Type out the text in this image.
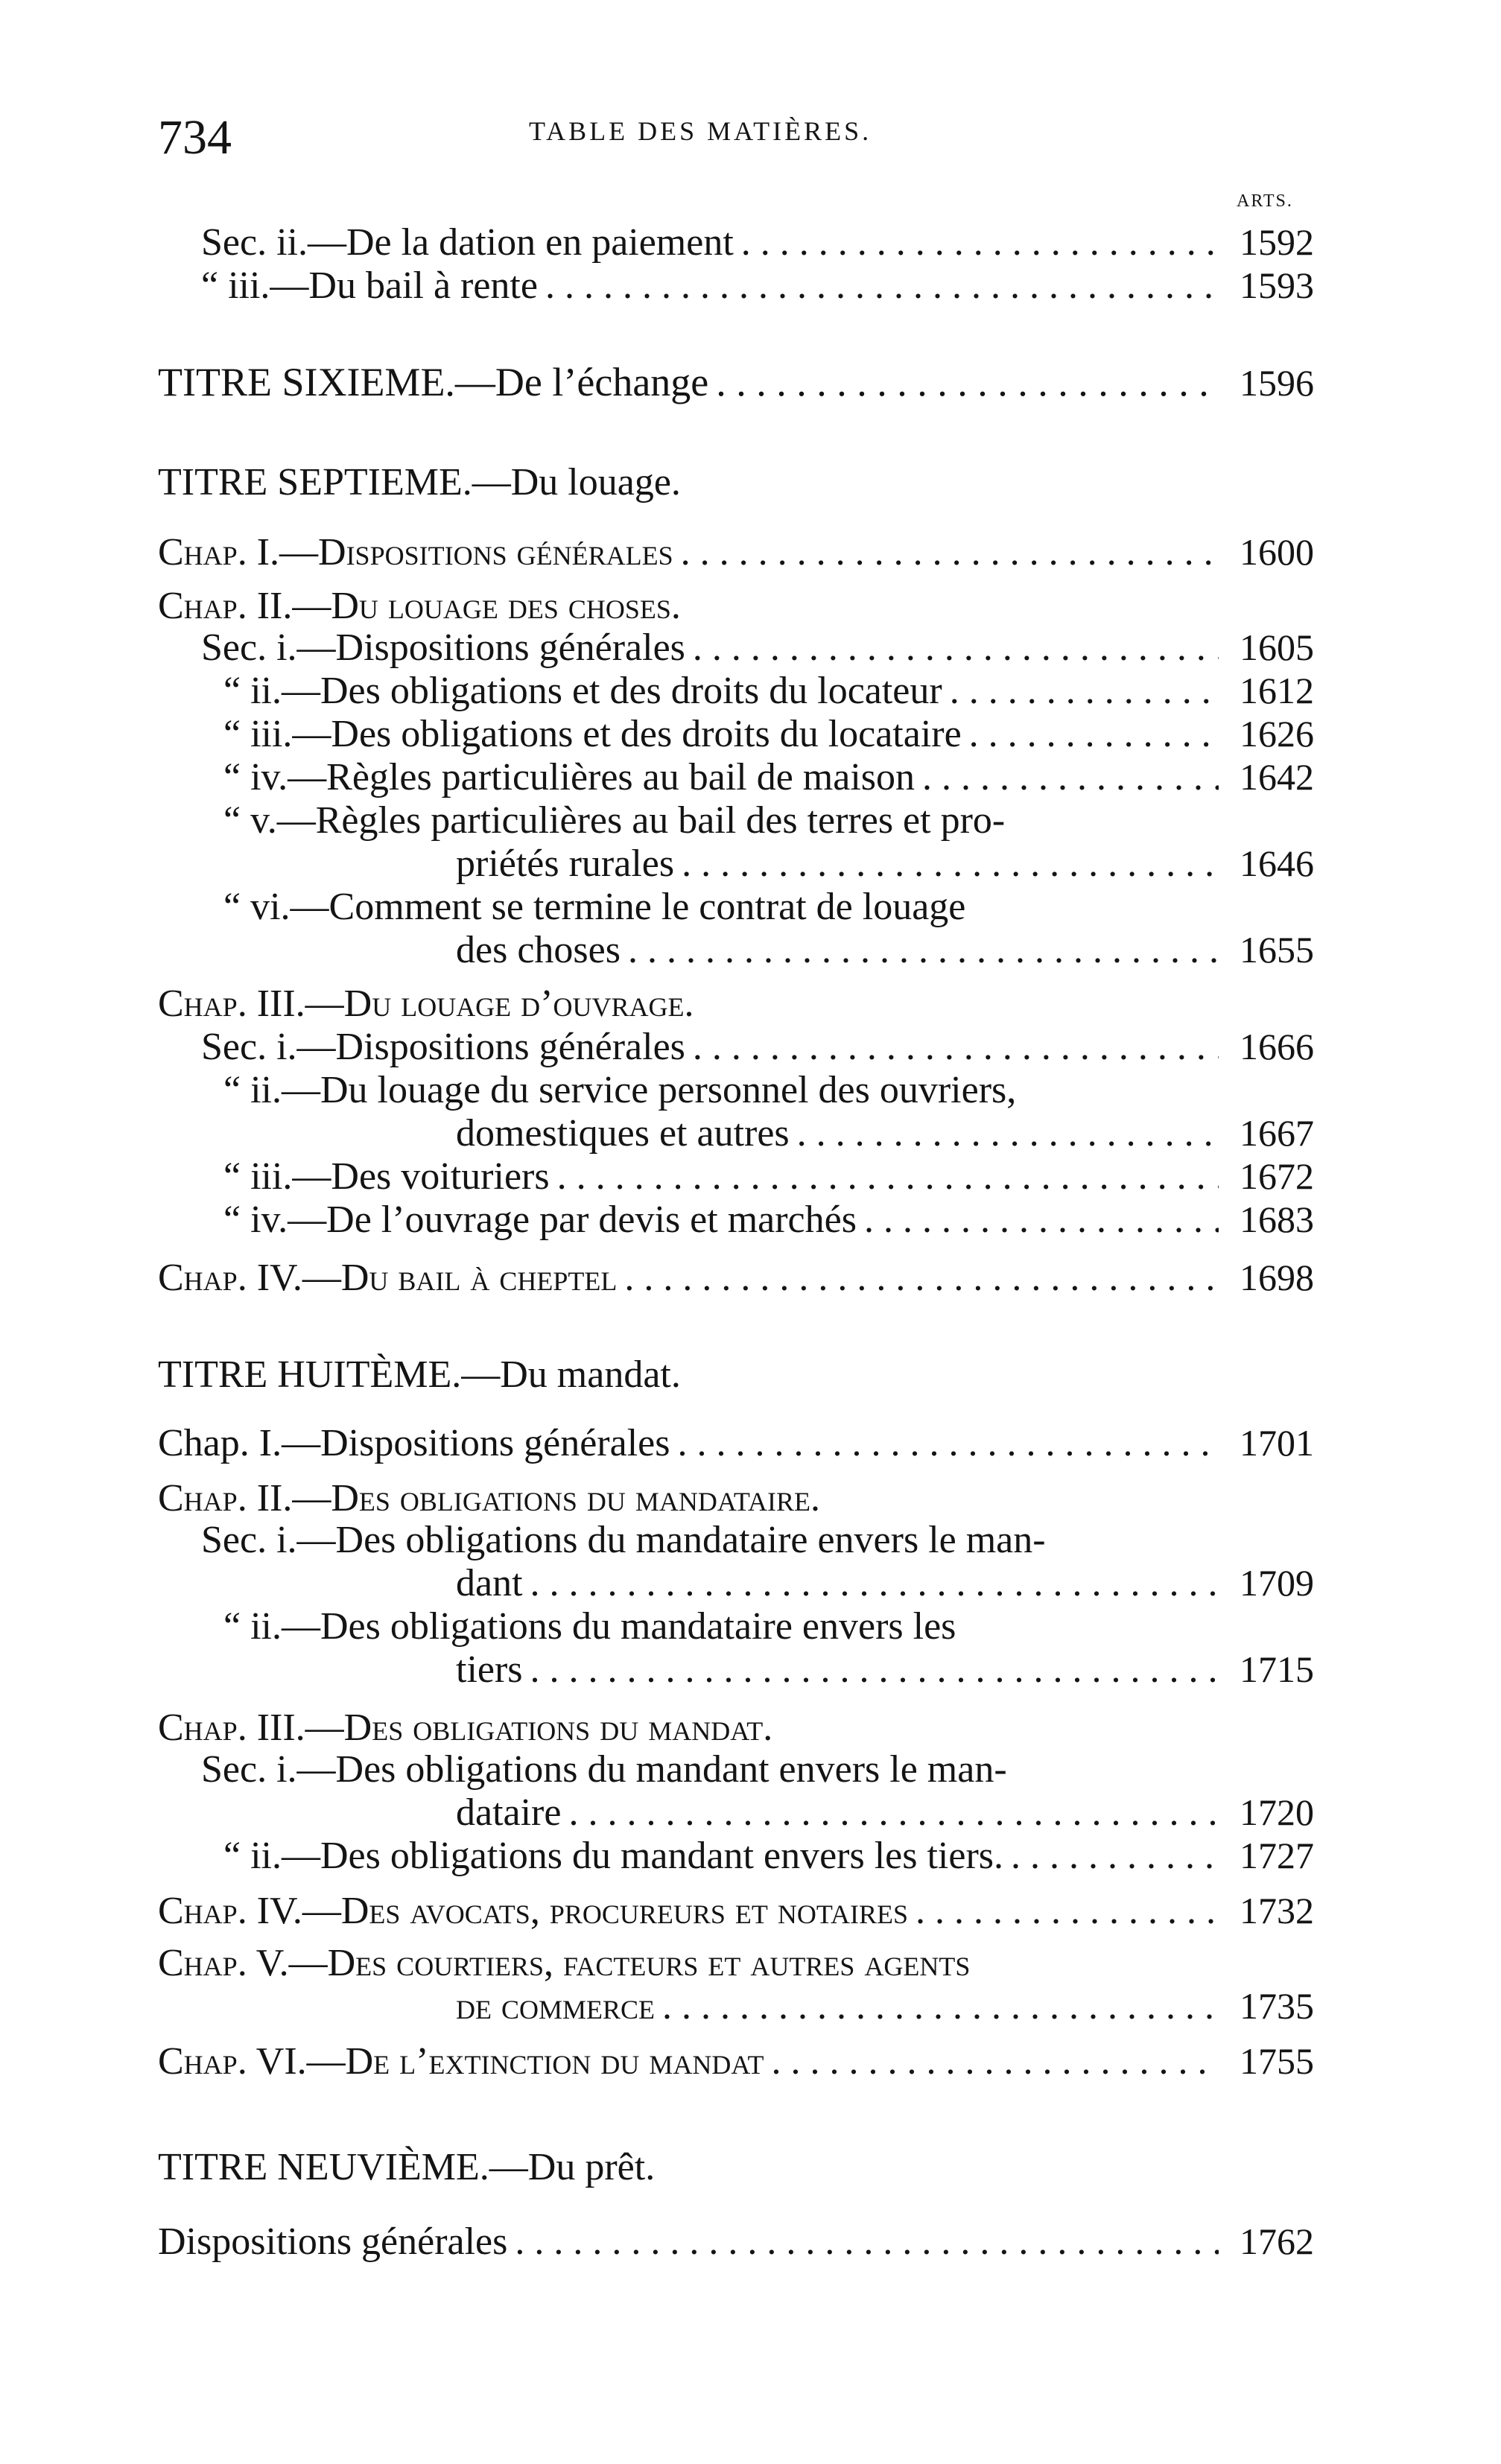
734	TABLE DES MATIÈRES.
ARTS.
Sec. ii.—De la dation en paiement . . .	1592
“ iii.—Du bail à rente . . .	1593
TITRE SIXIEME.—De l’échange . . .	1596
TITRE SEPTIEME.—Du louage.
Chap. I.—Dispositions générales . . .	1600
Chap. II.—Du louage des choses.
Sec. i.—Dispositions générales . . .	1605
“ ii.—Des obligations et des droits du locateur . . .	1612
“ iii.—Des obligations et des droits du locataire . . .	1626
“ iv.—Règles particulières au bail de maison . . .	1642
“ v.—Règles particulières au bail des terres et pro-
priétés rurales . . .	1646
“ vi.—Comment se termine le contrat de louage
des choses . . .	1655
Chap. III.—Du louage d’ouvrage.
Sec. i.—Dispositions générales . . .	1666
“ ii.—Du louage du service personnel des ouvriers,
domestiques et autres . . .	1667
“ iii.—Des voituriers . . .	1672
“ iv.—De l’ouvrage par devis et marchés . . .	1683
Chap. IV.—Du bail à cheptel . . .	1698
TITRE HUITÈME.—Du mandat.
Chap. I.—Dispositions générales . . .	1701
Chap. II.—Des obligations du mandataire.
Sec. i.—Des obligations du mandataire envers le man-
dant . . .	1709
“ ii.—Des obligations du mandataire envers les
tiers . . .	1715
Chap. III.—Des obligations du mandat.
Sec. i.—Des obligations du mandant envers le man-
dataire . . .	1720
“ ii.—Des obligations du mandant envers les tiers. . . .	1727
Chap. IV.—Des avocats, procureurs et notaires . . .	1732
Chap. V.—Des courtiers, facteurs et autres agents
de commerce . . .	1735
Chap. VI.—De l’extinction du mandat . . .	1755
TITRE NEUVIÈME.—Du prêt.
Dispositions générales . . .	1762
